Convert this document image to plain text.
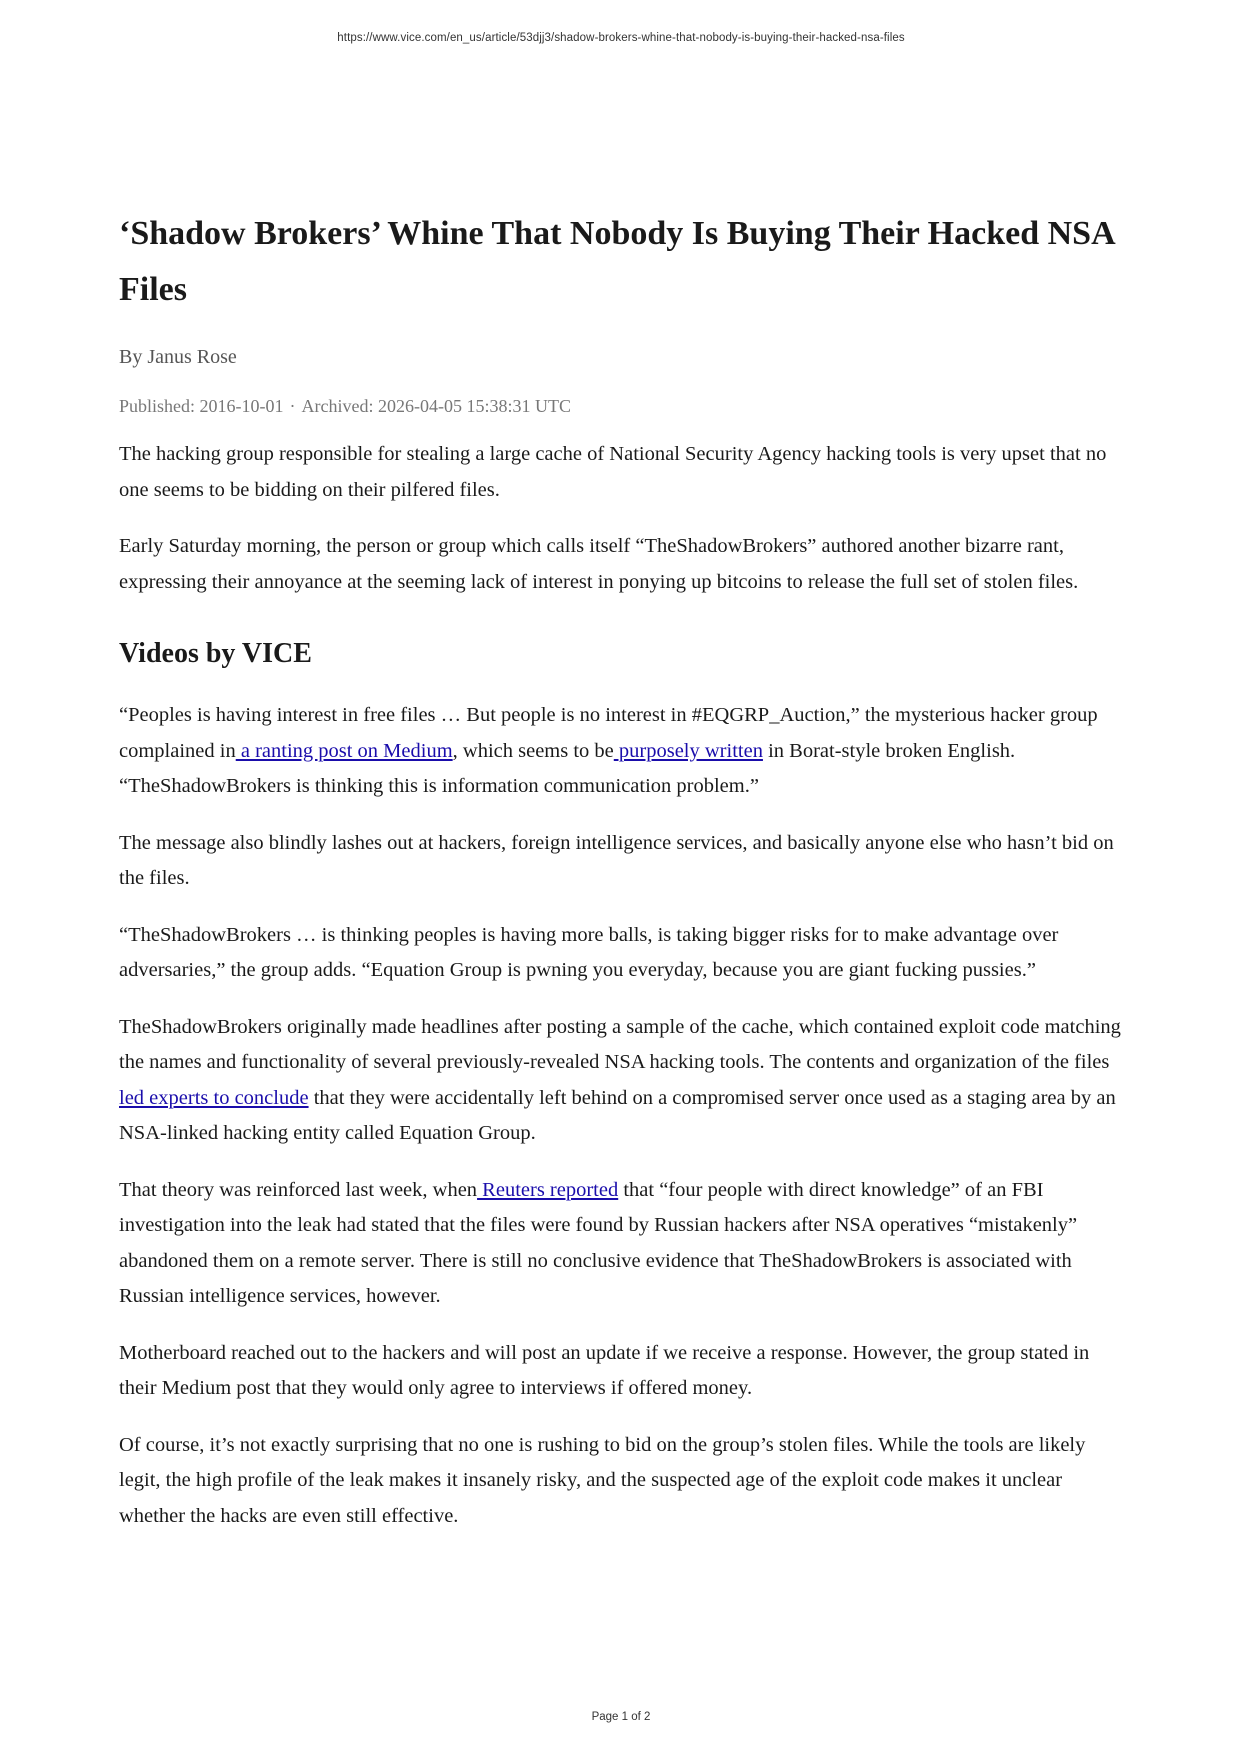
https://www.vice.com/en_us/article/53djj3/shadow-brokers-whine-that-nobody-is-buying-their-hacked-nsa-files
‘Shadow Brokers’ Whine That Nobody Is Buying Their Hacked NSA Files
By Janus Rose
Published: 2016-10-01 · Archived: 2026-04-05 15:38:31 UTC

The hacking group responsible for stealing a large cache of National Security Agency hacking tools is very upset that no one seems to be bidding on their pilfered files.

Early Saturday morning, the person or group which calls itself “TheShadowBrokers” authored another bizarre rant, expressing their annoyance at the seeming lack of interest in ponying up bitcoins to release the full set of stolen files.

Videos by VICE

“Peoples is having interest in free files … But people is no interest in #EQGRP_Auction,” the mysterious hacker group complained in a ranting post on Medium, which seems to be purposely written in Borat-style broken English. “TheShadowBrokers is thinking this is information communication problem.”

The message also blindly lashes out at hackers, foreign intelligence services, and basically anyone else who hasn’t bid on the files.

“TheShadowBrokers … is thinking peoples is having more balls, is taking bigger risks for to make advantage over adversaries,” the group adds. “Equation Group is pwning you everyday, because you are giant fucking pussies.”

TheShadowBrokers originally made headlines after posting a sample of the cache, which contained exploit code matching the names and functionality of several previously-revealed NSA hacking tools. The contents and organization of the files led experts to conclude that they were accidentally left behind on a compromised server once used as a staging area by an NSA-linked hacking entity called Equation Group.

That theory was reinforced last week, when Reuters reported that “four people with direct knowledge” of an FBI investigation into the leak had stated that the files were found by Russian hackers after NSA operatives “mistakenly” abandoned them on a remote server. There is still no conclusive evidence that TheShadowBrokers is associated with Russian intelligence services, however.

Motherboard reached out to the hackers and will post an update if we receive a response. However, the group stated in their Medium post that they would only agree to interviews if offered money.

Of course, it’s not exactly surprising that no one is rushing to bid on the group’s stolen files. While the tools are likely legit, the high profile of the leak makes it insanely risky, and the suspected age of the exploit code makes it unclear whether the hacks are even still effective.

Page 1 of 2
